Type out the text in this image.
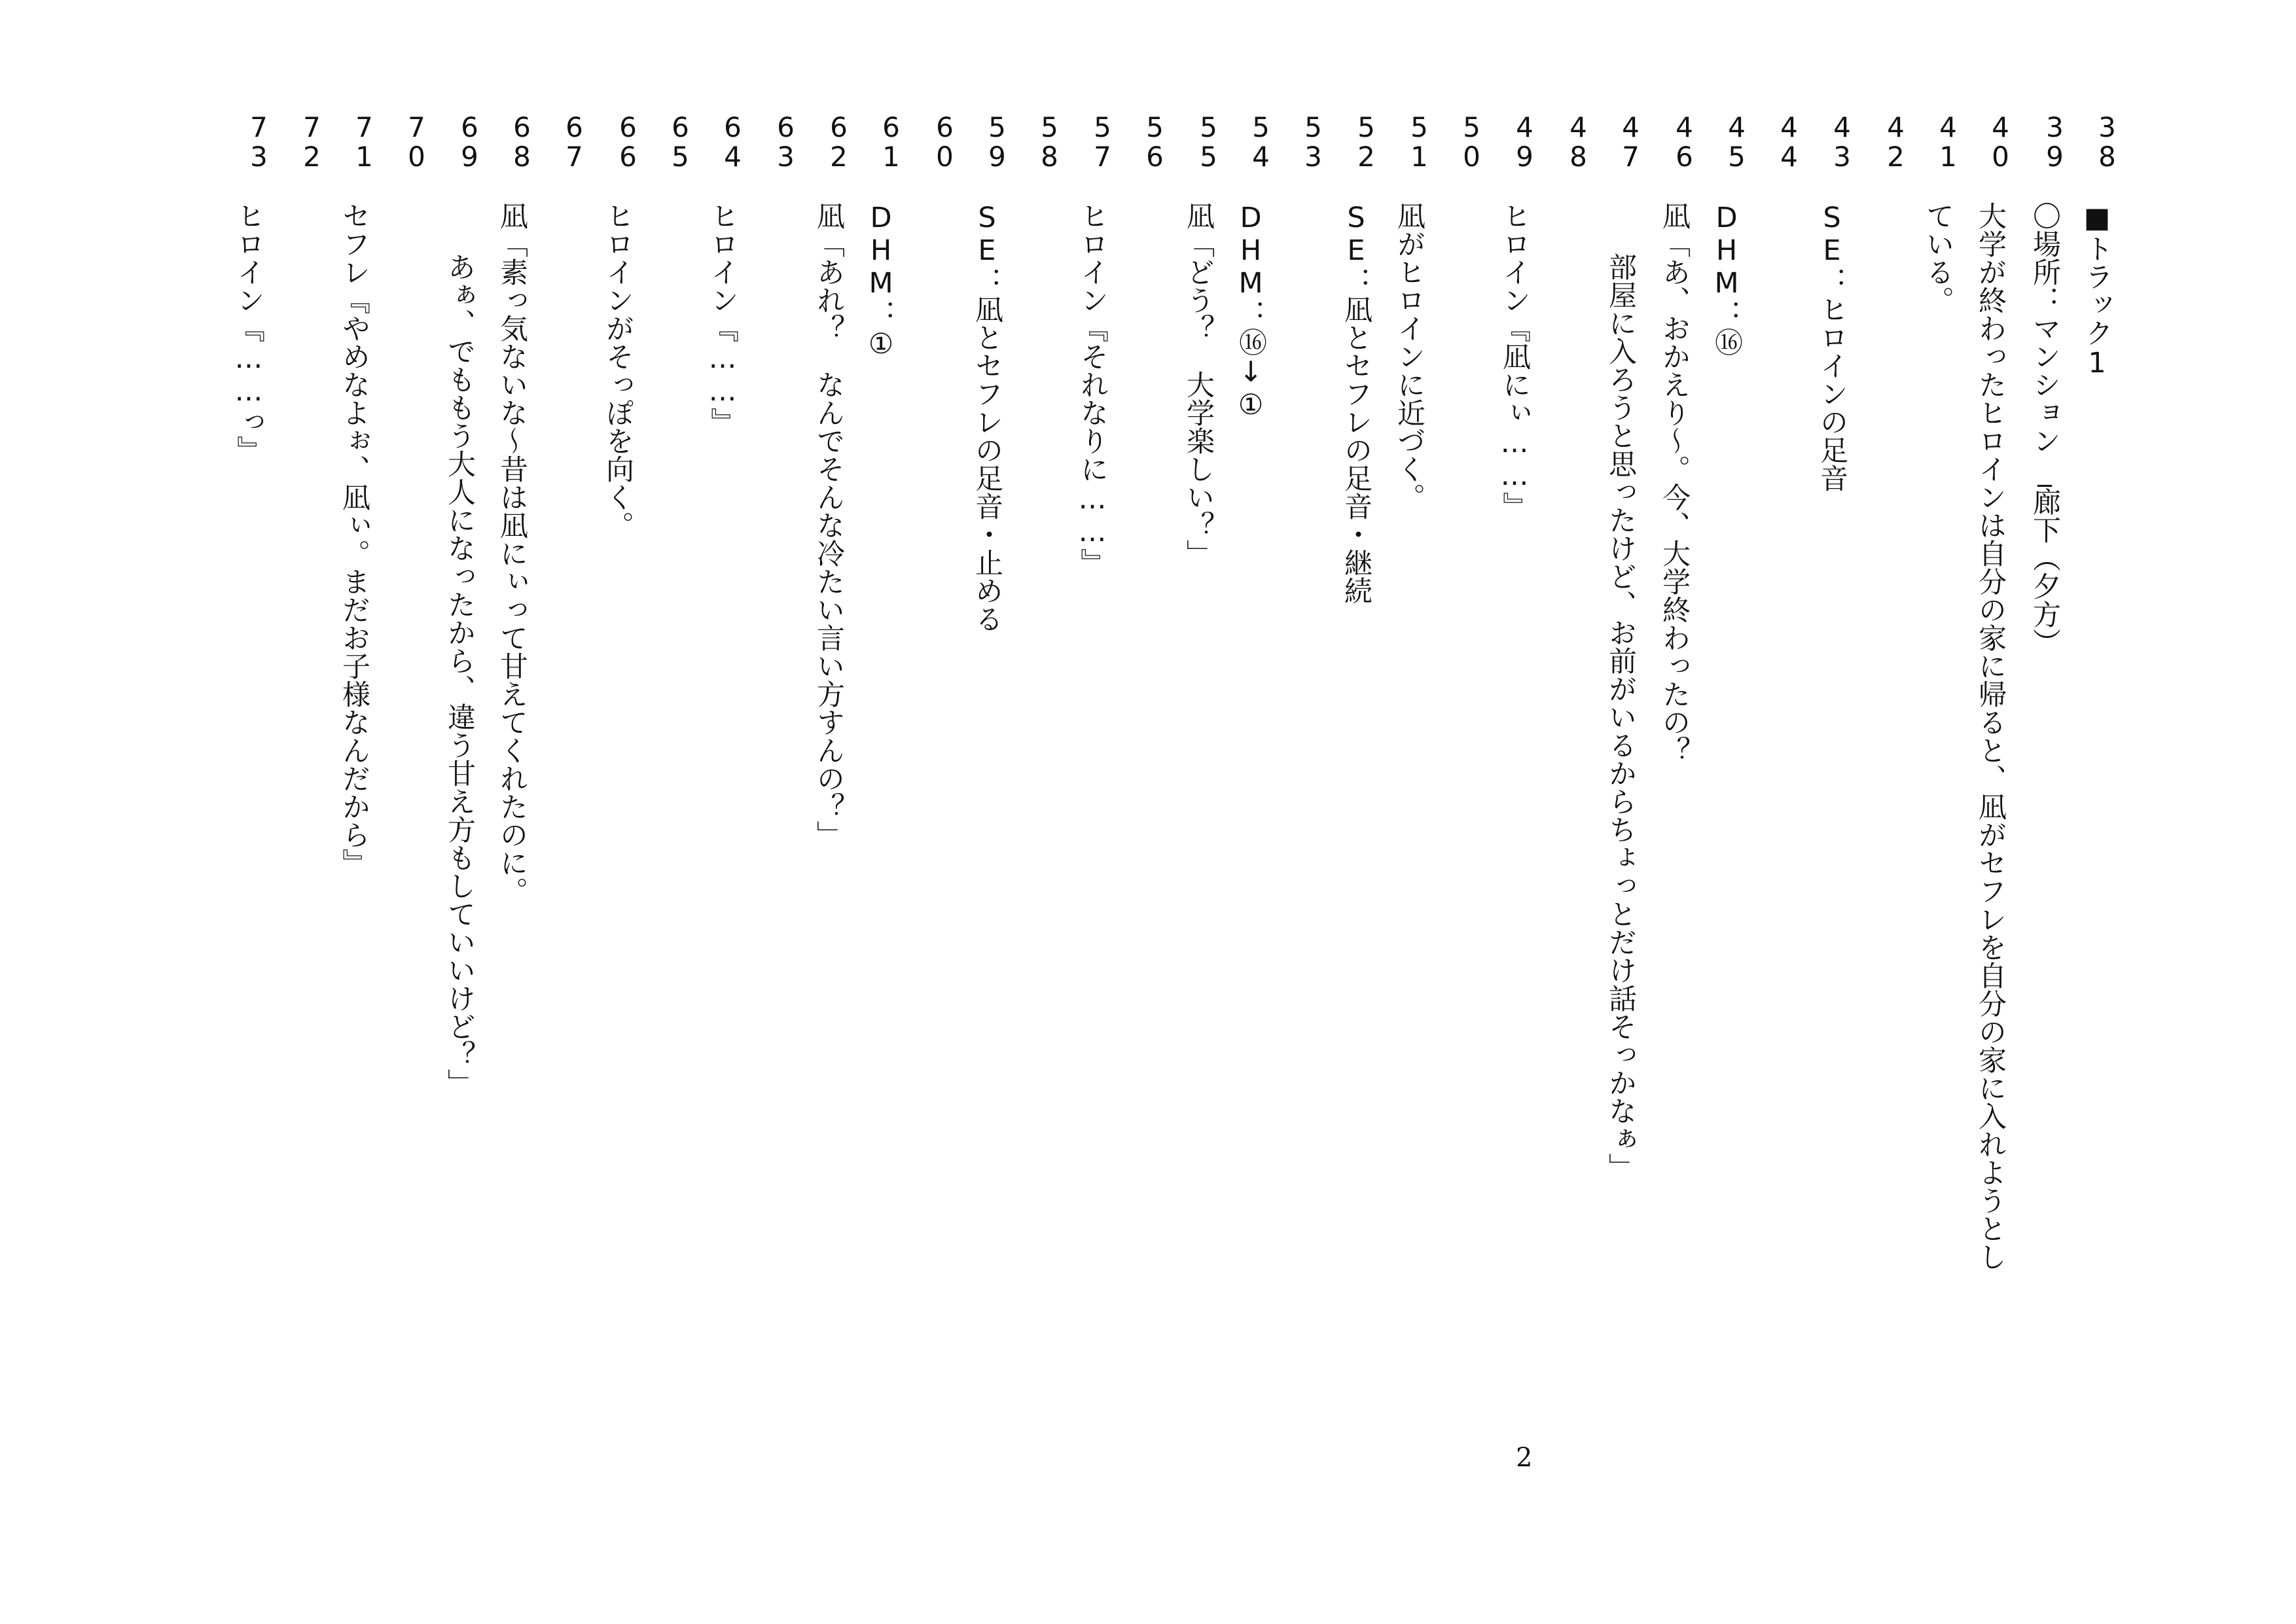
38
■トラック1
39
〇場所：マンション_廊下（夕方）
40
大学が終わったヒロインは自分の家に帰ると、凪がセフレを自分の家に入れようとし
41
ている。
42
43
SE：ヒロインの足音
44
45
DHM：⑯
46
凪「あ、おかえり～。今、大学終わったの？
47
部屋に入ろうと思ったけど、お前がいるからちょっとだけ話そっかなぁ」
48
49
ヒロイン『凪にぃ……』
50
51
凪がヒロインに近づく。
52
SE：凪とセフレの足音・継続
53
54
DHM：⑯↓①
55
凪「どう？　大学楽しい？」
56
57
ヒロイン『それなりに……』
58
59
SE：凪とセフレの足音・止める
60
61
DHM：①
62
凪「あれ？　なんでそんな冷たい言い方すんの？」
63
64
ヒロイン『……』
65
66
ヒロインがそっぽを向く。
67
68
凪「素っ気ないな～昔は凪にぃって甘えてくれたのに。
69
あぁ、でももう大人になったから、違う甘え方もしていいけど？」
70
71
セフレ『やめなよぉ、凪ぃ。まだお子様なんだから』
72
73
ヒロイン『……っ』
2
